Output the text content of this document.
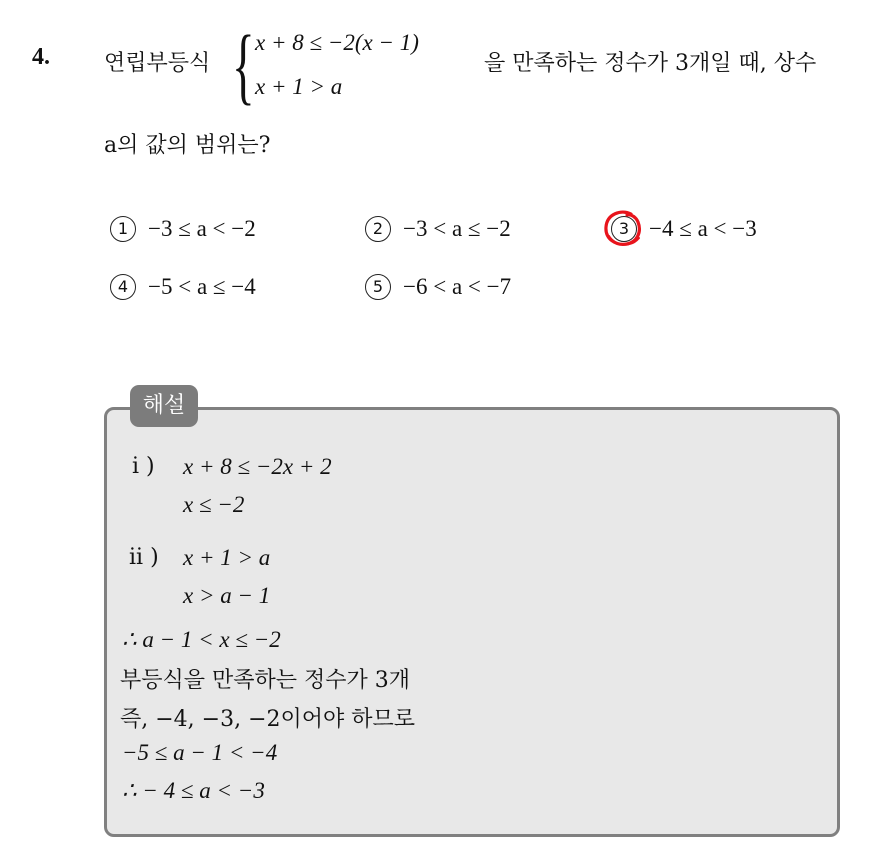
4. 연립부등식 { x + 8 ≤ −2(x − 1)
x + 1 > a
을 만족하는 정수가 3개일 때, 상수
a의 값의 범위는?
1 −3 ≤ a < −2	2 −3 < a ≤ −2	3 −4 ≤ a < −3
4 −5 < a ≤ −4	5 −6 < a < −7
해설
i ) x + 8 ≤ −2x + 2
x ≤ −2
ii ) x + 1 > a
x > a − 1
∴ a − 1 < x ≤ −2
부등식을 만족하는 정수가 3개
즉, −4, −3, −2이어야 하므로
−5 ≤ a − 1 < −4
∴ − 4 ≤ a < −3
